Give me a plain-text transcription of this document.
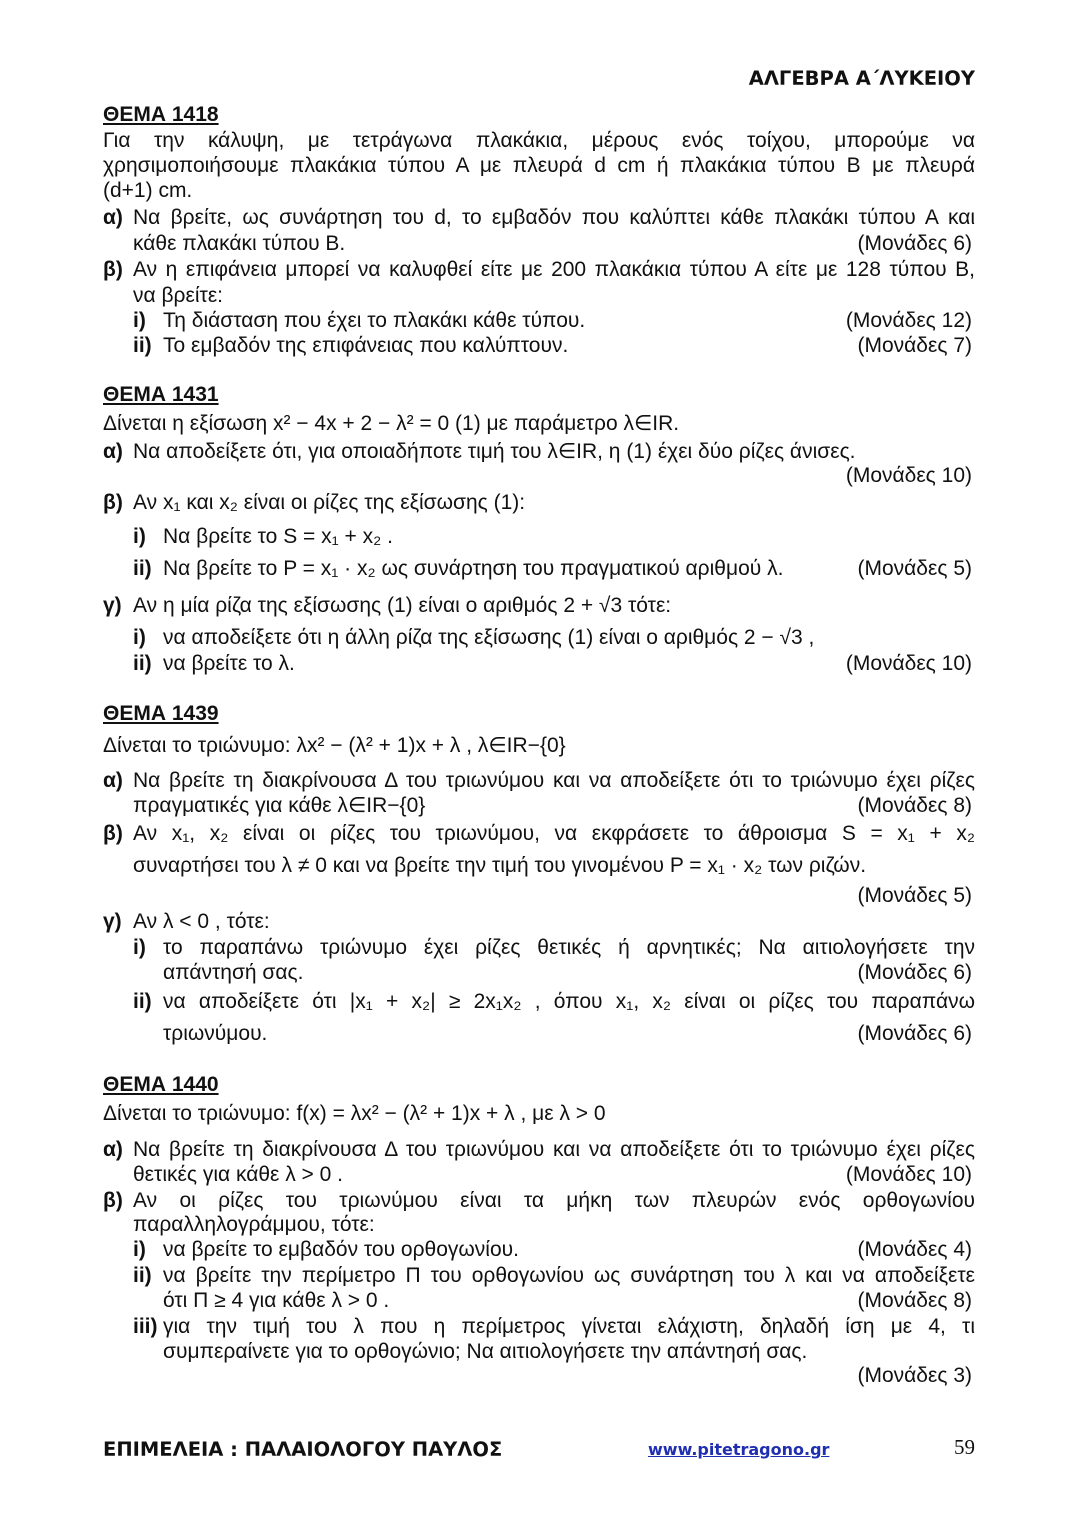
ΑΛΓΕΒΡΑ Α΄ΛΥΚΕΙΟΥ
ΘΕΜΑ 1418
Για την κάλυψη, με τετράγωνα πλακάκια, μέρους ενός τοίχου, μπορούμε να
χρησιμοποιήσουμε πλακάκια τύπου Α με πλευρά d cm ή πλακάκια τύπου Β με πλευρά
(d+1) cm.
α) Να βρείτε, ως συνάρτηση του d, το εμβαδόν που καλύπτει κάθε πλακάκι τύπου Α και
κάθε πλακάκι τύπου Β.	(Μονάδες 6)
β) Αν η επιφάνεια μπορεί να καλυφθεί είτε με 200 πλακάκια τύπου Α είτε με 128 τύπου Β,
να βρείτε:
i) Τη διάσταση που έχει το πλακάκι κάθε τύπου.	(Μονάδες 12)
ii) Το εμβαδόν της επιφάνειας που καλύπτουν.	(Μονάδες 7)
ΘΕΜΑ 1431
Δίνεται η εξίσωση x² − 4x + 2 − λ² = 0 (1) με παράμετρο λ∈IR.
α) Να αποδείξετε ότι, για οποιαδήποτε τιμή του λ∈IR, η (1) έχει δύο ρίζες άνισες.
(Μονάδες 10)
β) Αν x₁ και x₂ είναι οι ρίζες της εξίσωσης (1):
i) Να βρείτε το S = x₁ + x₂ .
ii) Να βρείτε το P = x₁ · x₂ ως συνάρτηση του πραγματικού αριθμού λ.	(Μονάδες 5)
γ) Αν η μία ρίζα της εξίσωσης (1) είναι ο αριθμός 2 + √3 τότε:
i) να αποδείξετε ότι η άλλη ρίζα της εξίσωσης (1) είναι ο αριθμός 2 − √3 ,
ii) να βρείτε το λ.	(Μονάδες 10)
ΘΕΜΑ 1439
Δίνεται το τριώνυμο: λx² − (λ² + 1)x + λ , λ∈IR−{0}
α) Να βρείτε τη διακρίνουσα Δ του τριωνύμου και να αποδείξετε ότι το τριώνυμο έχει ρίζες
πραγματικές για κάθε λ∈IR−{0}	(Μονάδες 8)
β) Αν x₁, x₂ είναι οι ρίζες του τριωνύμου, να εκφράσετε το άθροισμα S = x₁ + x₂
συναρτήσει του λ ≠ 0 και να βρείτε την τιμή του γινομένου P = x₁ · x₂ των ριζών.
(Μονάδες 5)
γ) Αν λ < 0 , τότε:
i) το παραπάνω τριώνυμο έχει ρίζες θετικές ή αρνητικές; Να αιτιολογήσετε την
απάντησή σας.	(Μονάδες 6)
ii) να αποδείξετε ότι |x₁ + x₂| ≥ 2x₁x₂ , όπου x₁, x₂ είναι οι ρίζες του παραπάνω
τριωνύμου.	(Μονάδες 6)
ΘΕΜΑ 1440
Δίνεται το τριώνυμο: f(x) = λx² − (λ² + 1)x + λ , με λ > 0
α) Να βρείτε τη διακρίνουσα Δ του τριωνύμου και να αποδείξετε ότι το τριώνυμο έχει ρίζες
θετικές για κάθε λ > 0 .	(Μονάδες 10)
β) Αν οι ρίζες του τριωνύμου είναι τα μήκη των πλευρών ενός ορθογωνίου
παραλληλογράμμου, τότε:
i) να βρείτε το εμβαδόν του ορθογωνίου.	(Μονάδες 4)
ii) να βρείτε την περίμετρο Π του ορθογωνίου ως συνάρτηση του λ και να αποδείξετε
ότι Π ≥ 4 για κάθε λ > 0 .	(Μονάδες 8)
iii) για την τιμή του λ που η περίμετρος γίνεται ελάχιστη, δηλαδή ίση με 4, τι
συμπεραίνετε για το ορθογώνιο; Να αιτιολογήσετε την απάντησή σας.
(Μονάδες 3)
ΕΠΙΜΕΛΕΙΑ : ΠΑΛΑΙΟΛΟΓΟΥ ΠΑΥΛΟΣ	www.pitetragono.gr	59
